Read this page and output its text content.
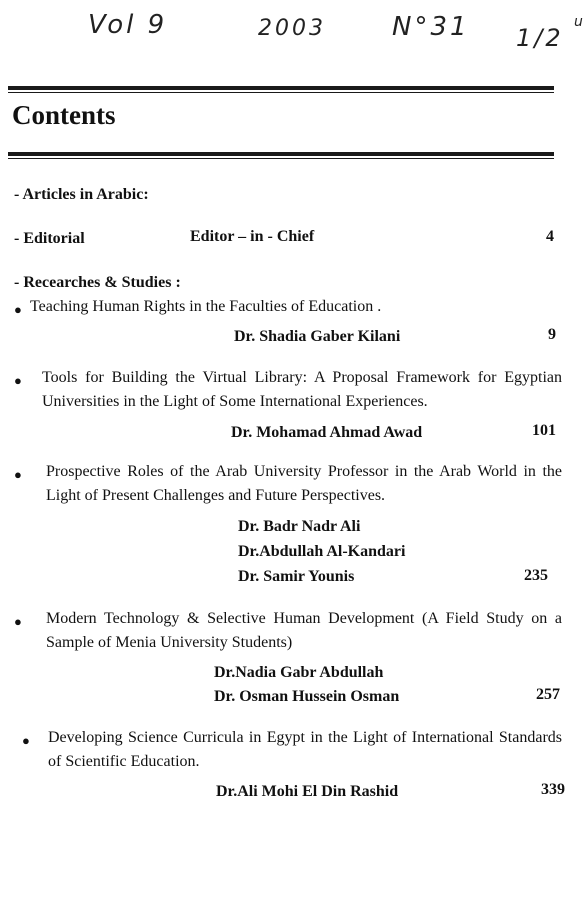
Vol 9	2003	N°31 1/2
u
Contents
- Articles in Arabic:
- Editorial	Editor – in - Chief	4
- Recearches & Studies :
● Teaching Human Rights in the Faculties of Education .
Dr. Shadia Gaber Kilani	9
● Tools for Building the Virtual Library: A Proposal Framework for Egyptian Universities in the Light of Some International Experiences.
Dr. Mohamad Ahmad Awad	101
● Prospective Roles of the Arab University Professor in the Arab World in the Light of Present Challenges and Future Perspectives.
Dr. Badr Nadr Ali
Dr.Abdullah Al-Kandari
Dr. Samir Younis	235
● Modern Technology & Selective Human Development (A Field Study on a Sample of Menia University Students)
Dr.Nadia Gabr Abdullah
Dr. Osman Hussein Osman	257
● Developing Science Curricula in Egypt in the Light of International Standards of Scientific Education.
Dr.Ali Mohi El Din Rashid	339
